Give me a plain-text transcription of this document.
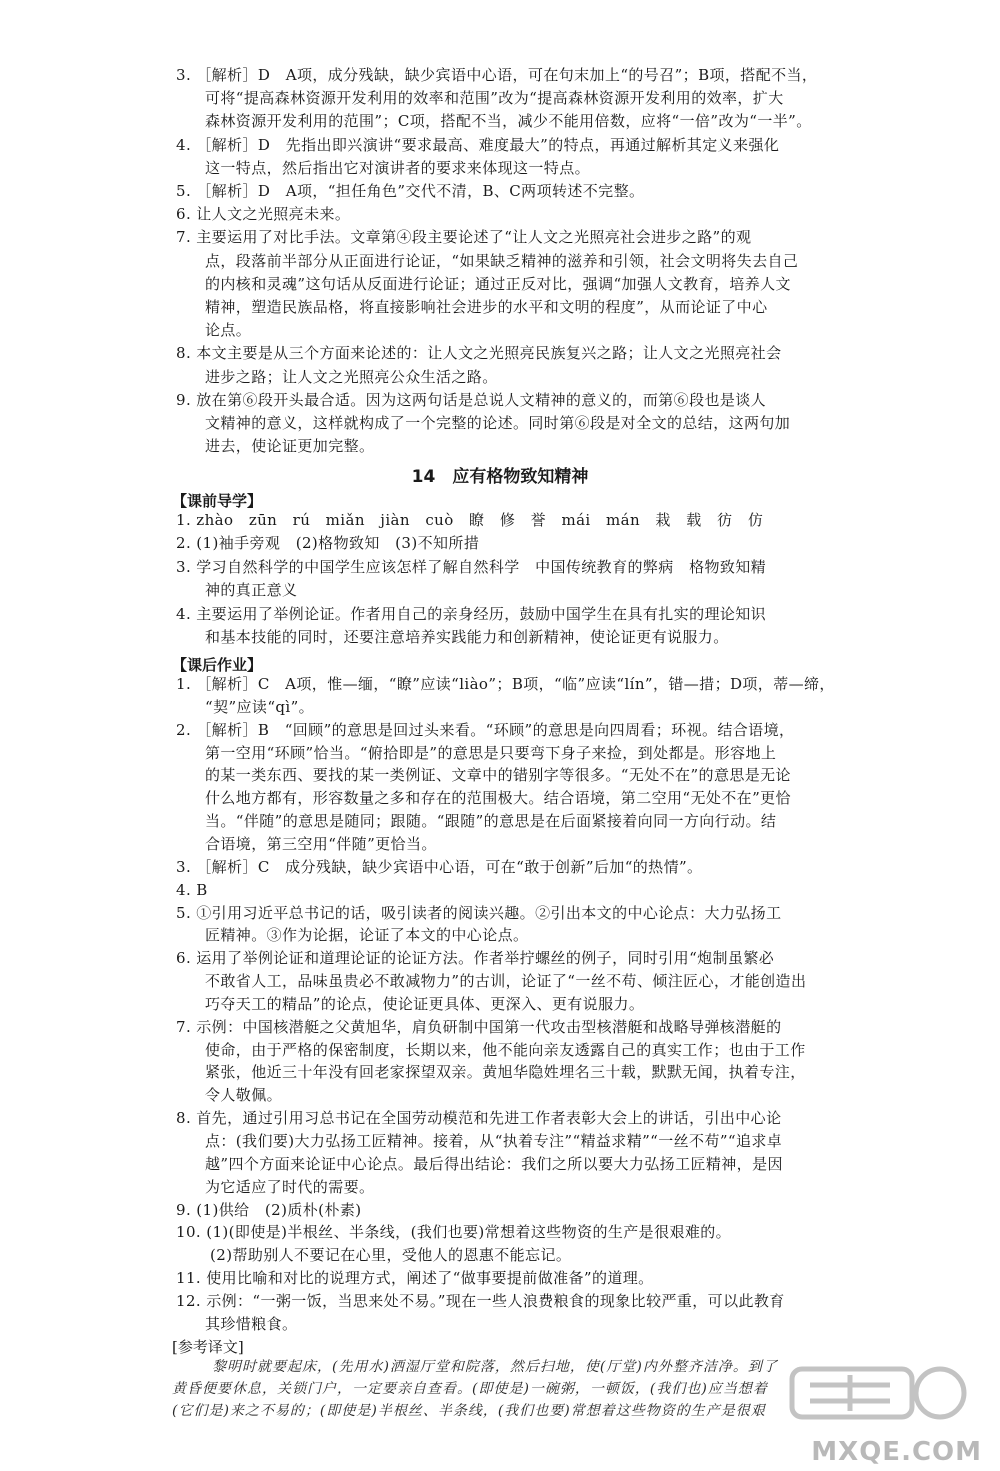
3. ［解析］D　A项，成分残缺，缺少宾语中心语，可在句末加上“的号召”；B项，搭配不当，
可将“提高森林资源开发利用的效率和范围”改为“提高森林资源开发利用的效率，扩大
森林资源开发利用的范围”；C项，搭配不当，减少不能用倍数，应将“一倍”改为“一半”。
4. ［解析］D　先指出即兴演讲“要求最高、难度最大”的特点，再通过解析其定义来强化
这一特点，然后指出它对演讲者的要求来体现这一特点。
5. ［解析］D　A项，“担任角色”交代不清，B、C两项转述不完整。
6. 让人文之光照亮未来。
7. 主要运用了对比手法。文章第④段主要论述了“让人文之光照亮社会进步之路”的观
点，段落前半部分从正面进行论证，“如果缺乏精神的滋养和引领，社会文明将失去自己
的内核和灵魂”这句话从反面进行论证；通过正反对比，强调“加强人文教育，培养人文
精神，塑造民族品格，将直接影响社会进步的水平和文明的程度”，从而论证了中心
论点。
8. 本文主要是从三个方面来论述的：让人文之光照亮民族复兴之路；让人文之光照亮社会
进步之路；让人文之光照亮公众生活之路。
9. 放在第⑥段开头最合适。因为这两句话是总说人文精神的意义的，而第⑥段也是谈人
文精神的意义，这样就构成了一个完整的论述。同时第⑥段是对全文的总结，这两句加
进去，使论证更加完整。
14　应有格物致知精神
【课前导学】
1. zhào　zūn　rú　miǎn　jiàn　cuò　瞭　修　誉　mái　mán　栽　载　彷　仿
2. (1)袖手旁观　(2)格物致知　(3)不知所措
3. 学习自然科学的中国学生应该怎样了解自然科学　中国传统教育的弊病　格物致知精
神的真正意义
4. 主要运用了举例论证。作者用自己的亲身经历，鼓励中国学生在具有扎实的理论知识
和基本技能的同时，还要注意培养实践能力和创新精神，使论证更有说服力。
【课后作业】
1. ［解析］C　A项，惟—缅，“瞭”应读“liào”；B项，“临”应读“lín”，错—措；D项，蒂—缔，
“契”应读“qì”。
2. ［解析］B　“回顾”的意思是回过头来看。“环顾”的意思是向四周看；环视。结合语境，
第一空用“环顾”恰当。“俯拾即是”的意思是只要弯下身子来捡，到处都是。形容地上
的某一类东西、要找的某一类例证、文章中的错别字等很多。“无处不在”的意思是无论
什么地方都有，形容数量之多和存在的范围极大。结合语境，第二空用“无处不在”更恰
当。“伴随”的意思是随同；跟随。“跟随”的意思是在后面紧接着向同一方向行动。结
合语境，第三空用“伴随”更恰当。
3. ［解析］C　成分残缺，缺少宾语中心语，可在“敢于创新”后加“的热情”。
4. B
5. ①引用习近平总书记的话，吸引读者的阅读兴趣。②引出本文的中心论点：大力弘扬工
匠精神。③作为论据，论证了本文的中心论点。
6. 运用了举例论证和道理论证的论证方法。作者举拧螺丝的例子，同时引用“炮制虽繁必
不敢省人工，品味虽贵必不敢减物力”的古训，论证了“一丝不苟、倾注匠心，才能创造出
巧夺天工的精品”的论点，使论证更具体、更深入、更有说服力。
7. 示例：中国核潜艇之父黄旭华，肩负研制中国第一代攻击型核潜艇和战略导弹核潜艇的
使命，由于严格的保密制度，长期以来，他不能向亲友透露自己的真实工作；也由于工作
紧张，他近三十年没有回老家探望双亲。黄旭华隐姓埋名三十载，默默无闻，执着专注，
令人敬佩。
8. 首先，通过引用习总书记在全国劳动模范和先进工作者表彰大会上的讲话，引出中心论
点：(我们要)大力弘扬工匠精神。接着，从“执着专注”“精益求精”“一丝不苟”“追求卓
越”四个方面来论证中心论点。最后得出结论：我们之所以要大力弘扬工匠精神，是因
为它适应了时代的需要。
9. (1)供给　(2)质朴(朴素)
10. (1)(即使是)半根丝、半条线，(我们也要)常想着这些物资的生产是很艰难的。
(2)帮助别人不要记在心里，受他人的恩惠不能忘记。
11. 使用比喻和对比的说理方式，阐述了“做事要提前做准备”的道理。
12. 示例：“一粥一饭，当思来处不易。”现在一些人浪费粮食的现象比较严重，可以此教育
其珍惜粮食。
[参考译文]
黎明时就要起床，(先用水)洒湿厅堂和院落，然后扫地，使(厅堂)内外整齐洁净。到了
黄昏便要休息，关锁门户，一定要亲自查看。(即使是)一碗粥，一顿饭，(我们也)应当想着
(它们是)来之不易的；(即使是)半根丝、半条线，(我们也要)常想着这些物资的生产是很艰
MXQE.COM
